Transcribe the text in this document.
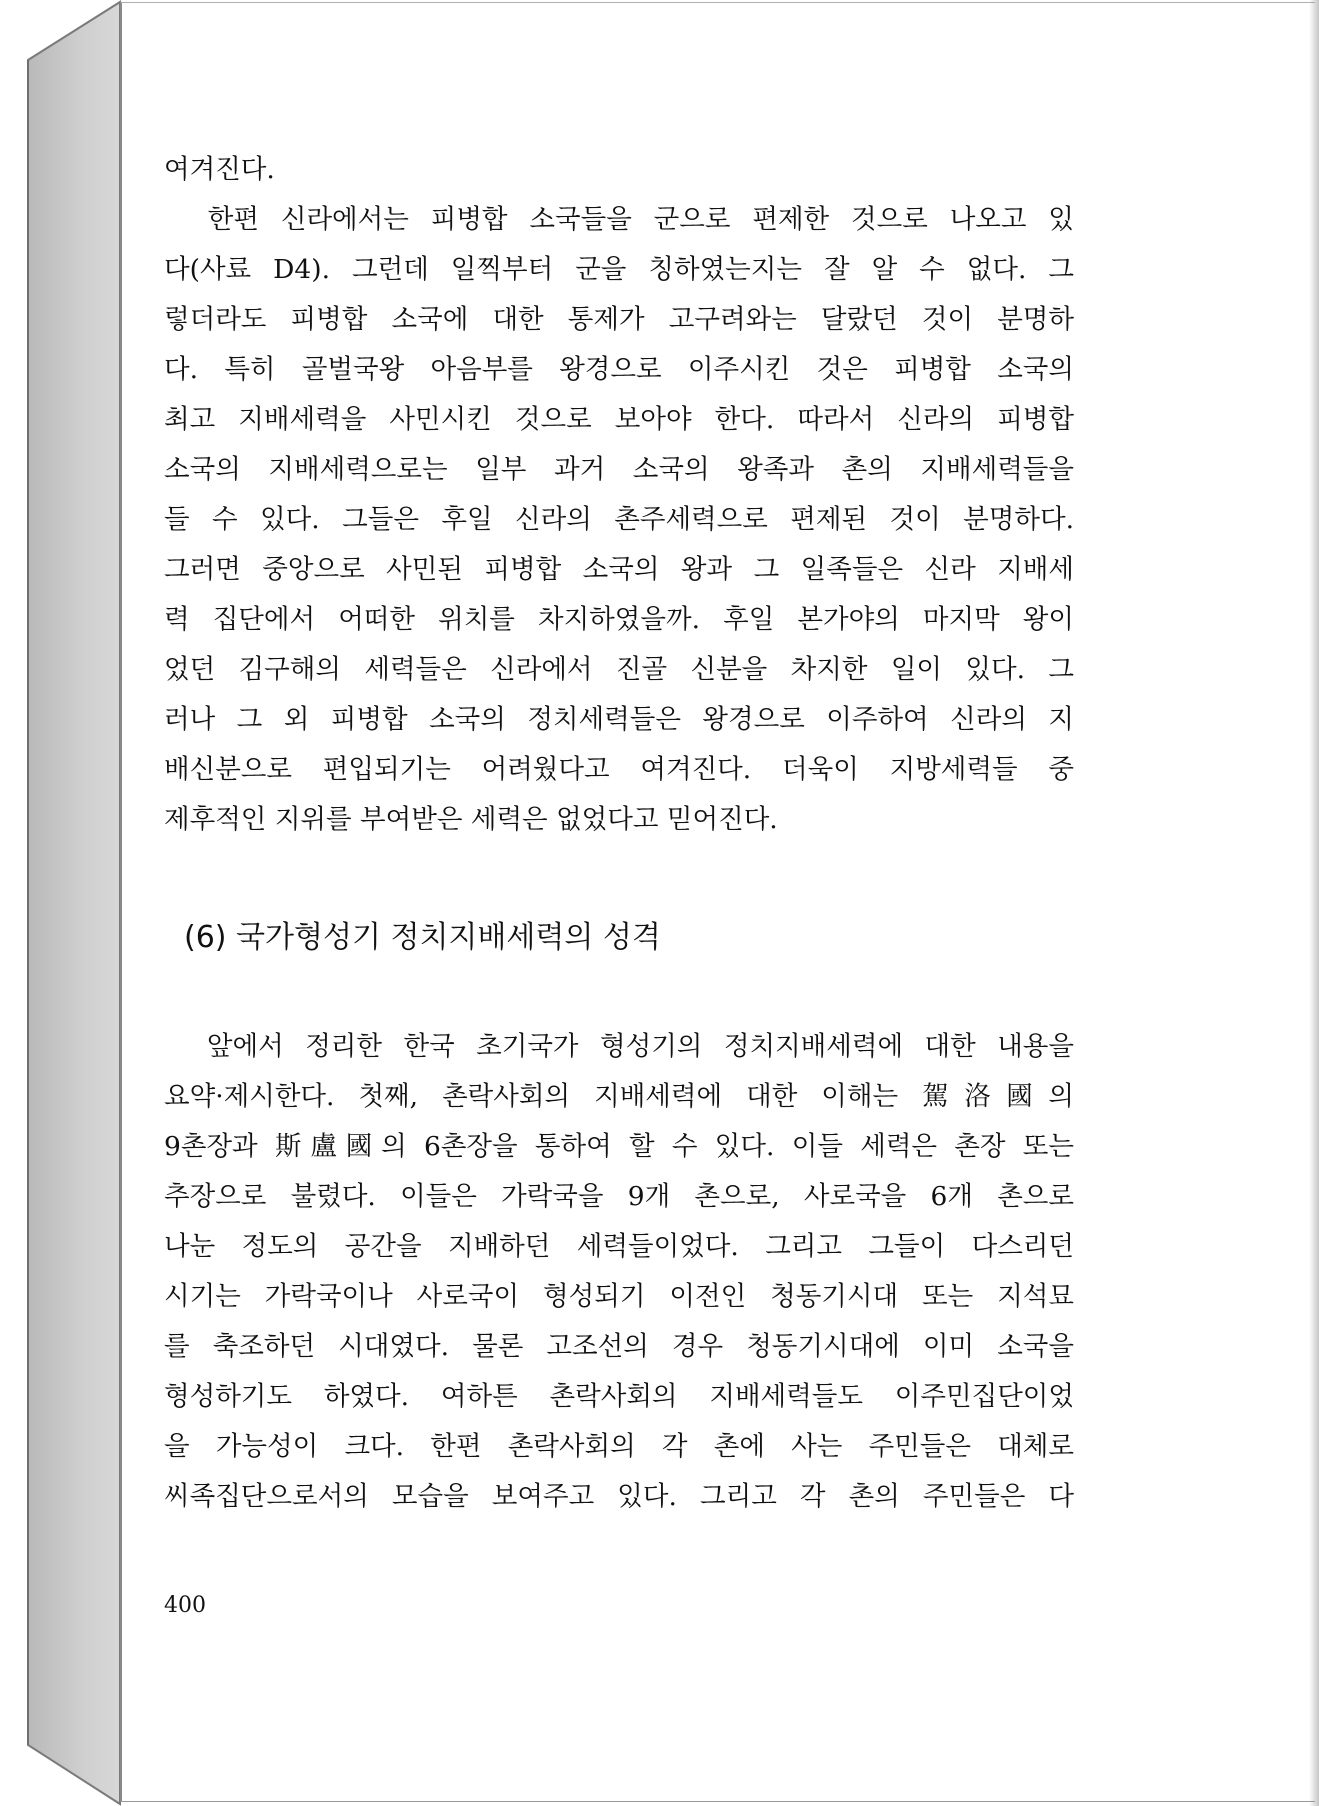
여겨진다.
한편 신라에서는 피병합 소국들을 군으로 편제한 것으로 나오고 있
다(사료 D4). 그런데 일찍부터 군을 칭하였는지는 잘 알 수 없다. 그
렇더라도 피병합 소국에 대한 통제가 고구려와는 달랐던 것이 분명하
다. 특히 골벌국왕 아음부를 왕경으로 이주시킨 것은 피병합 소국의
최고 지배세력을 사민시킨 것으로 보아야 한다. 따라서 신라의 피병합
소국의 지배세력으로는 일부 과거 소국의 왕족과 촌의 지배세력들을
들 수 있다. 그들은 후일 신라의 촌주세력으로 편제된 것이 분명하다.
그러면 중앙으로 사민된 피병합 소국의 왕과 그 일족들은 신라 지배세
력 집단에서 어떠한 위치를 차지하였을까. 후일 본가야의 마지막 왕이
었던 김구해의 세력들은 신라에서 진골 신분을 차지한 일이 있다. 그
러나 그 외 피병합 소국의 정치세력들은 왕경으로 이주하여 신라의 지
배신분으로 편입되기는 어려웠다고 여겨진다. 더욱이 지방세력들 중
제후적인 지위를 부여받은 세력은 없었다고 믿어진다.
(6) 국가형성기 정치지배세력의 성격
앞에서 정리한 한국 초기국가 형성기의 정치지배세력에 대한 내용을
요약·제시한다. 첫째, 촌락사회의 지배세력에 대한 이해는 駕洛國의
9촌장과 斯盧國의 6촌장을 통하여 할 수 있다. 이들 세력은 촌장 또는
추장으로 불렸다. 이들은 가락국을 9개 촌으로, 사로국을 6개 촌으로
나눈 정도의 공간을 지배하던 세력들이었다. 그리고 그들이 다스리던
시기는 가락국이나 사로국이 형성되기 이전인 청동기시대 또는 지석묘
를 축조하던 시대였다. 물론 고조선의 경우 청동기시대에 이미 소국을
형성하기도 하였다. 여하튼 촌락사회의 지배세력들도 이주민집단이었
을 가능성이 크다. 한편 촌락사회의 각 촌에 사는 주민들은 대체로
씨족집단으로서의 모습을 보여주고 있다. 그리고 각 촌의 주민들은 다
400
